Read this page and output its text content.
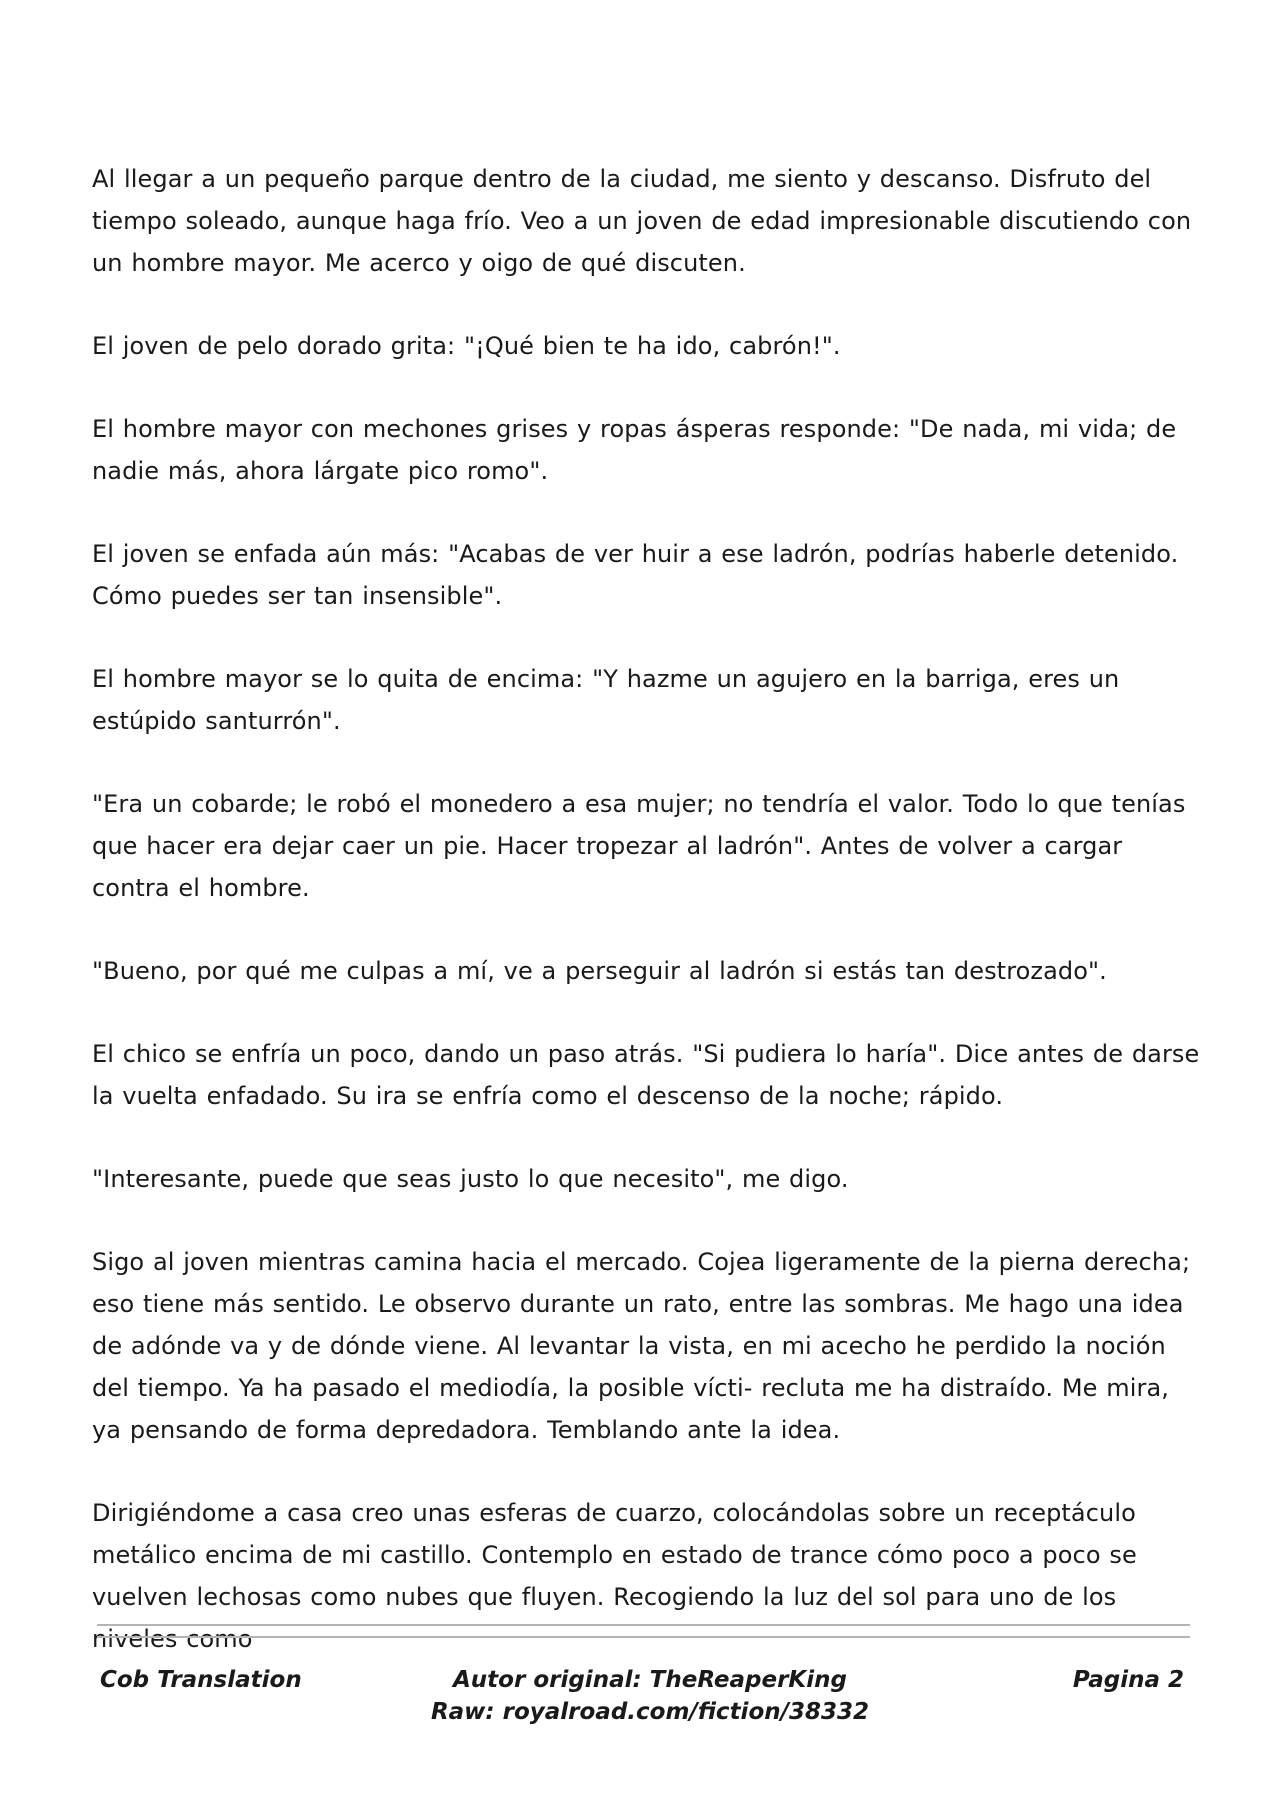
Al llegar a un pequeño parque dentro de la ciudad, me siento y descanso. Disfruto del tiempo soleado, aunque haga frío. Veo a un joven de edad impresionable discutiendo con un hombre mayor. Me acerco y oigo de qué discuten.

El joven de pelo dorado grita: "¡Qué bien te ha ido, cabrón!".

El hombre mayor con mechones grises y ropas ásperas responde: "De nada, mi vida; de nadie más, ahora lárgate pico romo".

El joven se enfada aún más: "Acabas de ver huir a ese ladrón, podrías haberle detenido. Cómo puedes ser tan insensible".

El hombre mayor se lo quita de encima: "Y hazme un agujero en la barriga, eres un estúpido santurrón".

"Era un cobarde; le robó el monedero a esa mujer; no tendría el valor. Todo lo que tenías que hacer era dejar caer un pie. Hacer tropezar al ladrón". Antes de volver a cargar contra el hombre.

"Bueno, por qué me culpas a mí, ve a perseguir al ladrón si estás tan destrozado".

El chico se enfría un poco, dando un paso atrás. "Si pudiera lo haría". Dice antes de darse la vuelta enfadado. Su ira se enfría como el descenso de la noche; rápido.

"Interesante, puede que seas justo lo que necesito", me digo.

Sigo al joven mientras camina hacia el mercado. Cojea ligeramente de la pierna derecha; eso tiene más sentido. Le observo durante un rato, entre las sombras. Me hago una idea de adónde va y de dónde viene. Al levantar la vista, en mi acecho he perdido la noción del tiempo. Ya ha pasado el mediodía, la posible vícti- recluta me ha distraído. Me mira, ya pensando de forma depredadora. Temblando ante la idea.

Dirigiéndome a casa creo unas esferas de cuarzo, colocándolas sobre un receptáculo metálico encima de mi castillo. Contemplo en estado de trance cómo poco a poco se vuelven lechosas como nubes que fluyen. Recogiendo la luz del sol para uno de los niveles como

Cob Translation	Autor original: TheReaperKing
Raw: royalroad.com/fiction/38332
Pagina 2
